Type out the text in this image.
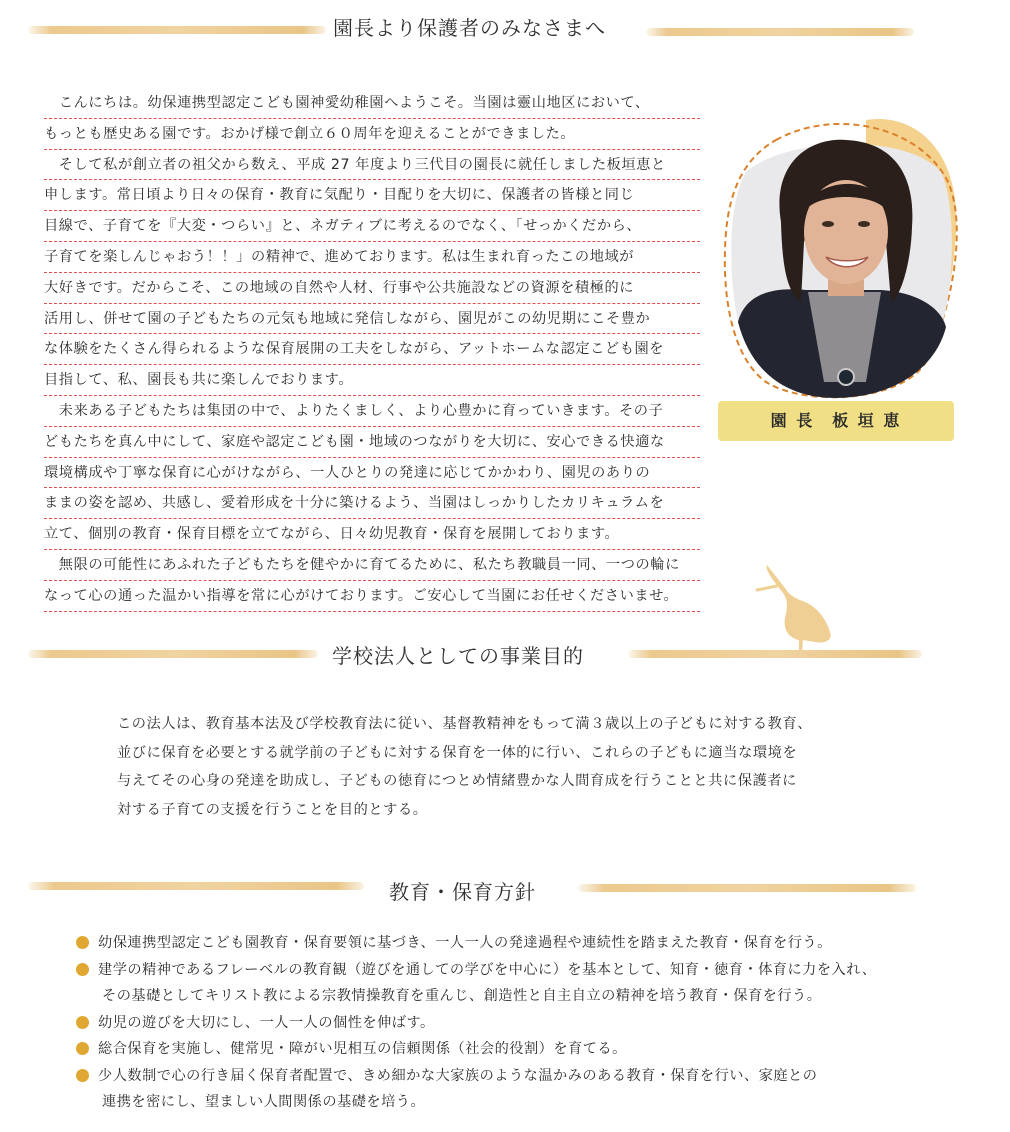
園長より保護者のみなさまへ
　こんにちは。幼保連携型認定こども園神愛幼稚園へようこそ。当園は靈山地区において、
もっとも歴史ある園です。おかげ様で創立６０周年を迎えることができました。
　そして私が創立者の祖父から数え、平成 27 年度より三代目の園長に就任しました板垣恵と
申します。常日頃より日々の保育・教育に気配り・目配りを大切に、保護者の皆様と同じ
目線で、子育てを『大変・つらい』と、ネガティブに考えるのでなく、「せっかくだから、
子育てを楽しんじゃおう！！」の精神で、進めております。私は生まれ育ったこの地域が
大好きです。だからこそ、この地域の自然や人材、行事や公共施設などの資源を積極的に
活用し、併せて園の子どもたちの元気も地域に発信しながら、園児がこの幼児期にこそ豊か
な体験をたくさん得られるような保育展開の工夫をしながら、アットホームな認定こども園を
目指して、私、園長も共に楽しんでおります。
　未来ある子どもたちは集団の中で、よりたくましく、より心豊かに育っていきます。その子
どもたちを真ん中にして、家庭や認定こども園・地域のつながりを大切に、安心できる快適な
環境構成や丁寧な保育に心がけながら、一人ひとりの発達に応じてかかわり、園児のありの
ままの姿を認め、共感し、愛着形成を十分に築けるよう、当園はしっかりしたカリキュラムを
立て、個別の教育・保育目標を立てながら、日々幼児教育・保育を展開しております。
　無限の可能性にあふれた子どもたちを健やかに育てるために、私たち教職員一同、一つの輪に
なって心の通った温かい指導を常に心がけております。ご安心して当園にお任せくださいませ。
園 長　板 垣 恵
学校法人としての事業目的
この法人は、教育基本法及び学校教育法に従い、基督教精神をもって満３歳以上の子どもに対する教育、
並びに保育を必要とする就学前の子どもに対する保育を一体的に行い、これらの子どもに適当な環境を
与えてその心身の発達を助成し、子どもの徳育につとめ情緒豊かな人間育成を行うことと共に保護者に
対する子育ての支援を行うことを目的とする。
教育・保育方針
幼保連携型認定こども園教育・保育要領に基づき、一人一人の発達過程や連続性を踏まえた教育・保育を行う。
建学の精神であるフレーベルの教育観（遊びを通しての学びを中心に）を基本として、知育・徳育・体育に力を入れ、
その基礎としてキリスト教による宗教情操教育を重んじ、創造性と自主自立の精神を培う教育・保育を行う。
幼児の遊びを大切にし、一人一人の個性を伸ばす。
総合保育を実施し、健常児・障がい児相互の信頼関係（社会的役割）を育てる。
少人数制で心の行き届く保育者配置で、きめ細かな大家族のような温かみのある教育・保育を行い、家庭との
連携を密にし、望ましい人間関係の基礎を培う。
